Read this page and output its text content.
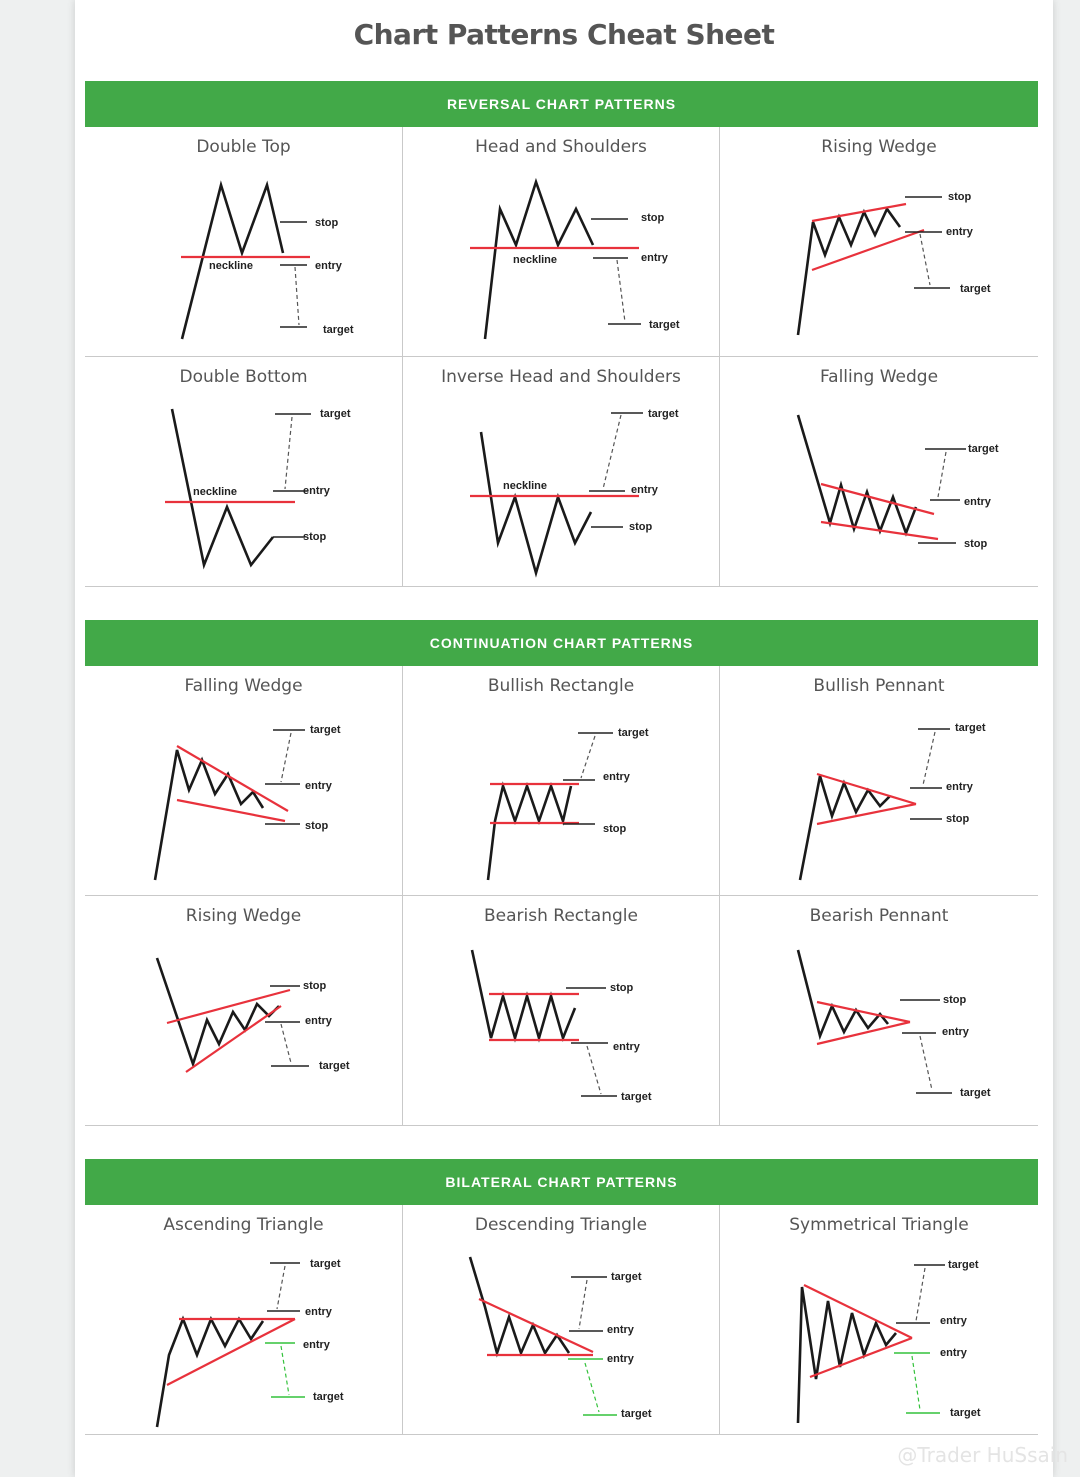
Chart Patterns Cheat Sheet
REVERSAL CHART PATTERNS
Double Top
stop
neckline	entry
target
Head and Shoulders
stop
neckline	entry
target
Rising Wedge
stop
entry
target
Double Bottom
target
neckline	entry
stop
Inverse Head and Shoulders
target
neckline	entry
stop
Falling Wedge
target
entry
stop
CONTINUATION CHART PATTERNS
Falling Wedge
target
entry
stop
Bullish Rectangle
target
entry
stop
Bullish Pennant
target
entry
stop
Rising Wedge
stop
entry
target
Bearish Rectangle
stop
entry
target
Bearish Pennant
stop
entry
target
BILATERAL CHART PATTERNS
Ascending Triangle
target
entry
entry
target
Descending Triangle
target
entry
entry
target
Symmetrical Triangle
target
entry
entry
target
@Trader HuSsain
